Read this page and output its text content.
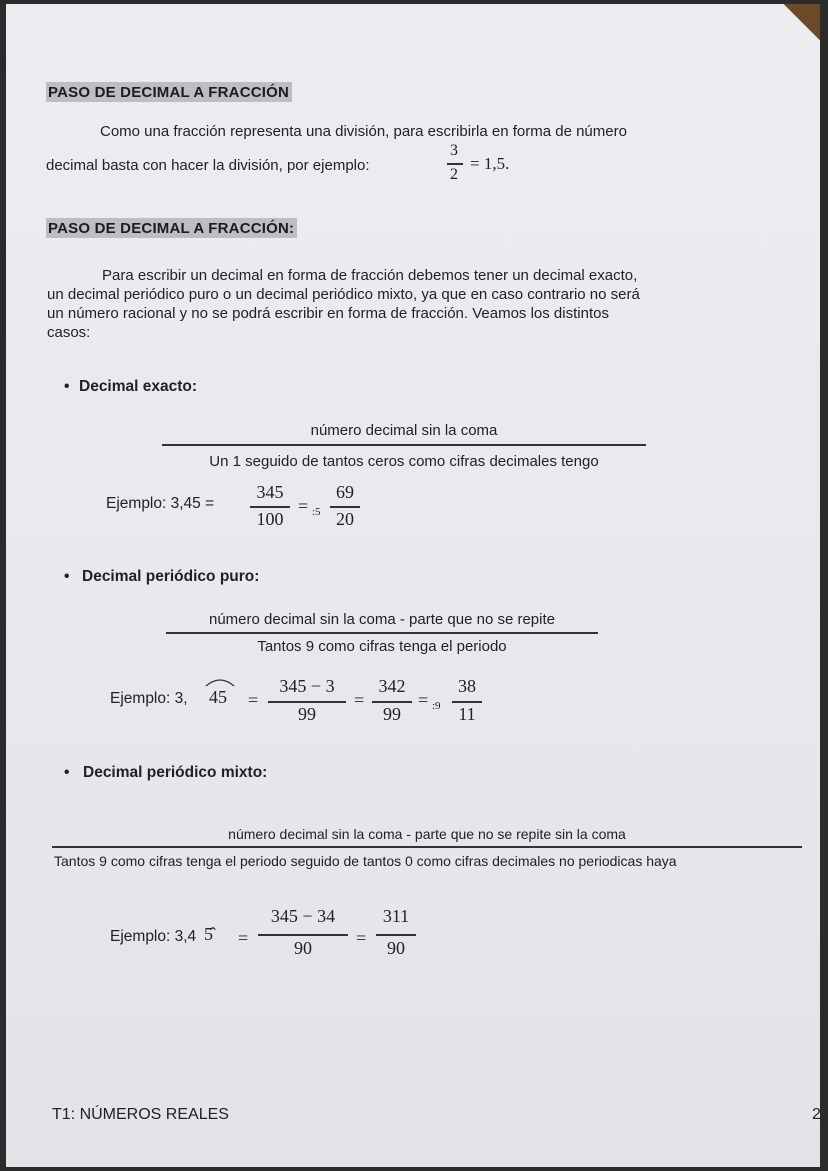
PASO DE DECIMAL A FRACCIÓN
Como una fracción representa una división, para escribirla en forma de número
decimal basta con hacer la división, por ejemplo:
3
2
= 1,5.
PASO DE DECIMAL A FRACCIÓN:
Para escribir un decimal en forma de fracción debemos tener un decimal exacto,
un decimal periódico puro o un decimal periódico mixto, ya que en caso contrario no será
un número racional y no se podrá escribir en forma de fracción. Veamos los distintos
casos:
• Decimal exacto:
número decimal sin la coma
Un 1 seguido de tantos ceros como cifras decimales tengo
Ejemplo: 3,45 =
345
100
= :5
69
20
• Decimal periódico puro:
número decimal sin la coma - parte que no se repite
Tantos 9 como cifras tenga el periodo
Ejemplo: 3, 45 =
345 − 3
99
=
342
99
= :9
38
11
• Decimal periódico mixto:
número decimal sin la coma - parte que no se repite sin la coma
Tantos 9 como cifras tenga el periodo seguido de tantos 0 como cifras decimales no periodicas haya
Ejemplo: 3,4 5̂ =
345 − 34
90	=
311
90
T1: NÚMEROS REALES	2
